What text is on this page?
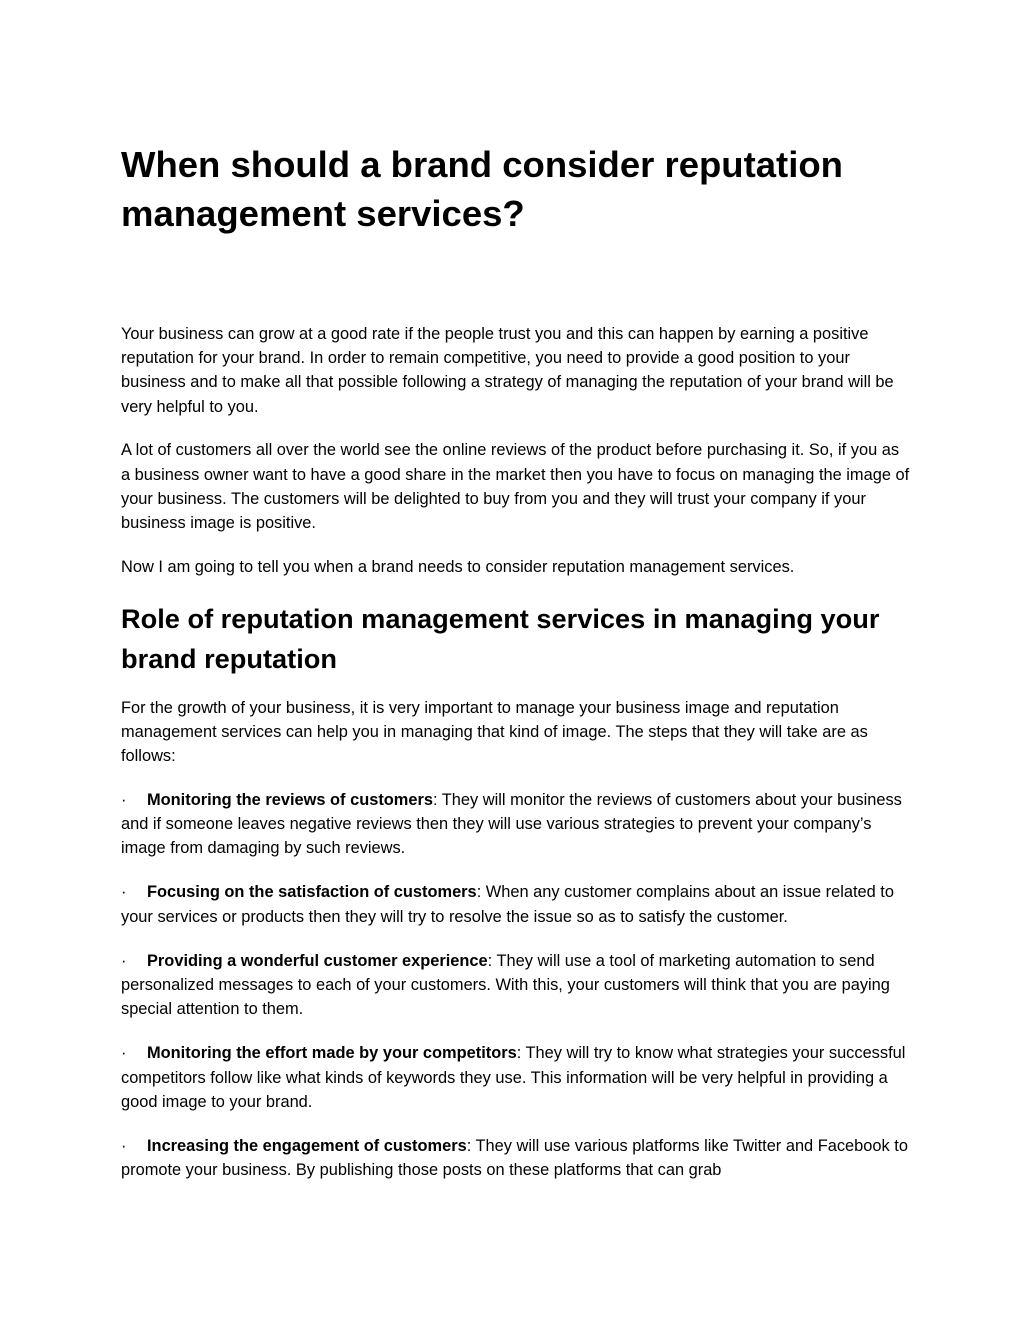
When should a brand consider reputation management services?

Your business can grow at a good rate if the people trust you and this can happen by earning a positive reputation for your brand. In order to remain competitive, you need to provide a good position to your business and to make all that possible following a strategy of managing the reputation of your brand will be very helpful to you.

A lot of customers all over the world see the online reviews of the product before purchasing it. So, if you as a business owner want to have a good share in the market then you have to focus on managing the image of your business. The customers will be delighted to buy from you and they will trust your company if your business image is positive.

Now I am going to tell you when a brand needs to consider reputation management services.

Role of reputation management services in managing your brand reputation

For the growth of your business, it is very important to manage your business image and reputation management services can help you in managing that kind of image. The steps that they will take are as follows:

· Monitoring the reviews of customers: They will monitor the reviews of customers about your business and if someone leaves negative reviews then they will use various strategies to prevent your company’s image from damaging by such reviews.
· Focusing on the satisfaction of customers: When any customer complains about an issue related to your services or products then they will try to resolve the issue so as to satisfy the customer.
· Providing a wonderful customer experience: They will use a tool of marketing automation to send personalized messages to each of your customers. With this, your customers will think that you are paying special attention to them.
· Monitoring the effort made by your competitors: They will try to know what strategies your successful competitors follow like what kinds of keywords they use. This information will be very helpful in providing a good image to your brand.
· Increasing the engagement of customers: They will use various platforms like Twitter and Facebook to promote your business. By publishing those posts on these platforms that can grab
